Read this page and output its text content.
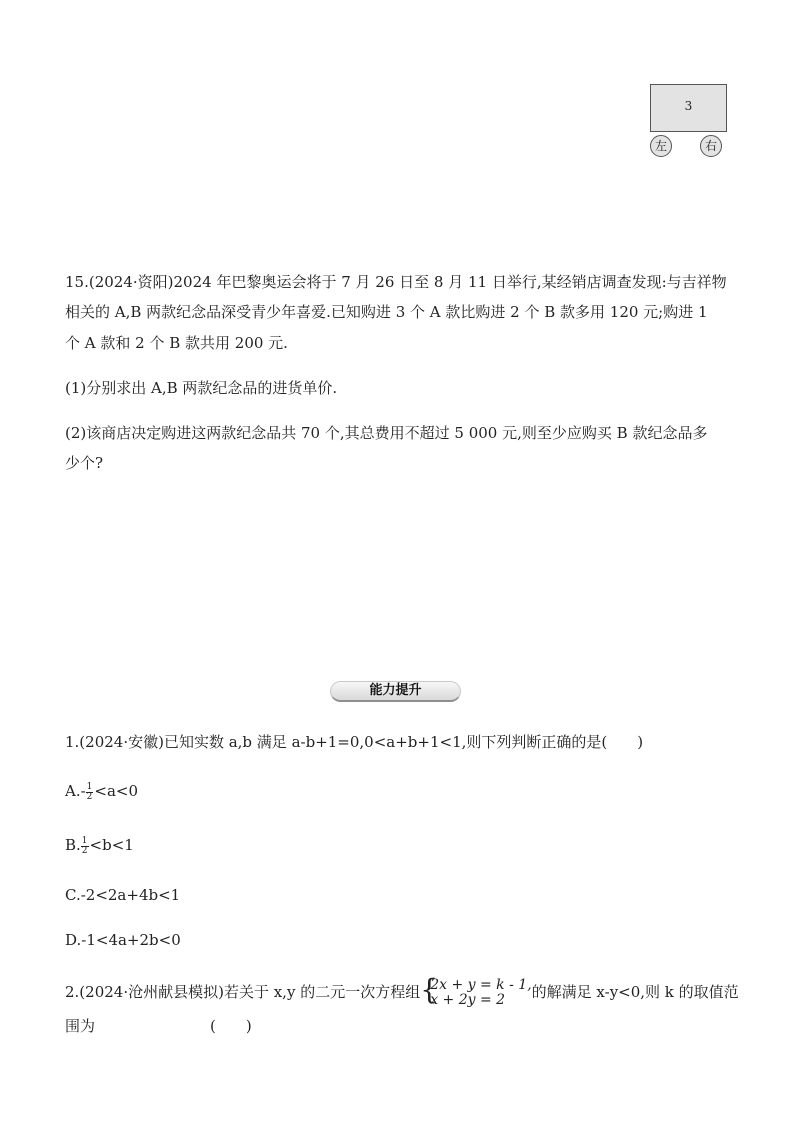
3
左	右
15.(2024·资阳)2024 年巴黎奥运会将于 7 月 26 日至 8 月 11 日举行,某经销店调查发现:与吉祥物
相关的 A,B 两款纪念品深受青少年喜爱.已知购进 3 个 A 款比购进 2 个 B 款多用 120 元;购进 1
个 A 款和 2 个 B 款共用 200 元.
(1)分别求出 A,B 两款纪念品的进货单价.
(2)该商店决定购进这两款纪念品共 70 个,其总费用不超过 5 000 元,则至少应购买 B 款纪念品多
少个?
能力提升
1.(2024·安徽)已知实数 a,b 满足 a-b+1=0,0<a+b+1<1,则下列判断正确的是(　　)
$A.- \frac{1}{2} <a<0$
B. $\frac{1}{2} <b<1$
C.-2<2a+4b<1
D.-1<4a+2b<0
2.(2024·沧州献县模拟)若关于 x,y 的二元一次方程组 {
2x + y = k - 1,
x + 2y = 2	的解满足 x-y<0,则 k 的取值范
围为	(　　)
